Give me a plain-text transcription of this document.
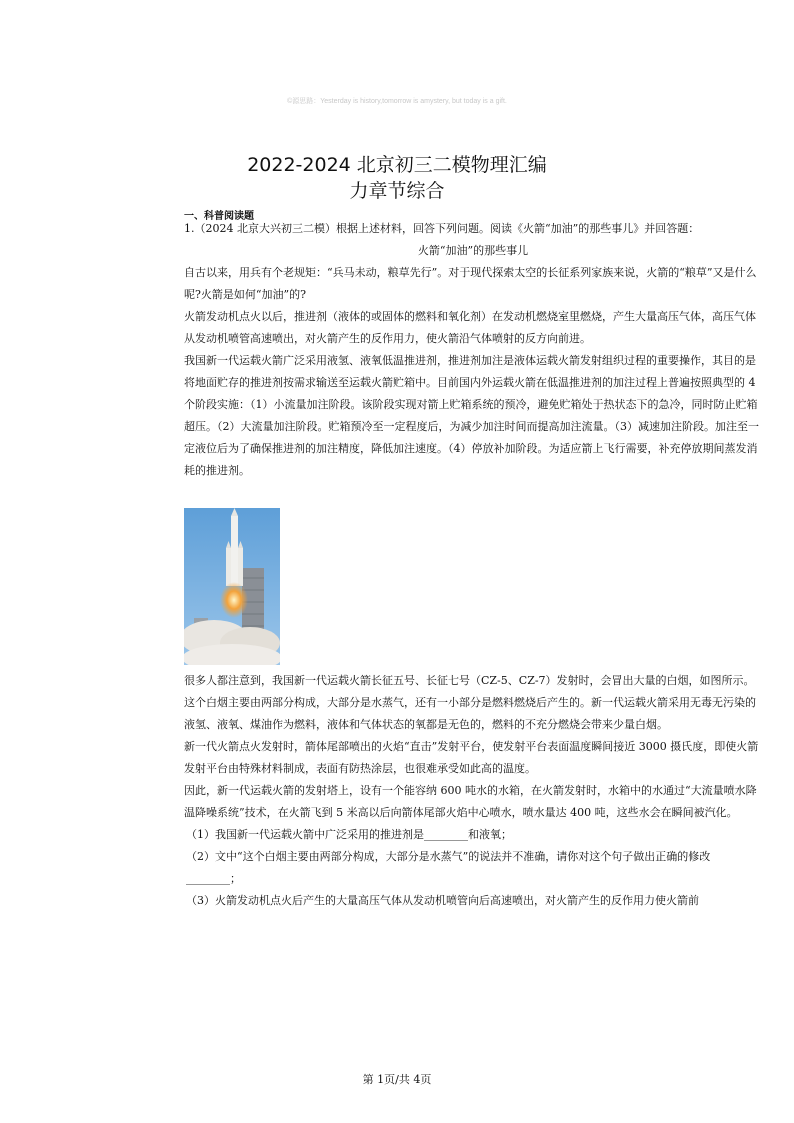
©源思路：Yesterday is history,tomorrow is amystery, but today is a gift.
2022-2024 北京初三二模物理汇编
力章节综合
一、科普阅读题

1.（2024 北京大兴初三二模）根据上述材料，回答下列问题。阅读《火箭“加油”的那些事儿》并回答题：

火箭“加油”的那些事儿

自古以来，用兵有个老规矩：“兵马未动，粮草先行”。对于现代探索太空的长征系列家族来说，火箭的“粮草”又是什么呢?火箭是如何“加油”的?

火箭发动机点火以后，推进剂（液体的或固体的燃料和氧化剂）在发动机燃烧室里燃烧，产生大量高压气体，高压气体从发动机喷管高速喷出，对火箭产生的反作用力，使火箭沿气体喷射的反方向前进。

我国新一代运载火箭广泛采用液氢、液氧低温推进剂，推进剂加注是液体运载火箭发射组织过程的重要操作，其目的是将地面贮存的推进剂按需求输送至运载火箭贮箱中。目前国内外运载火箭在低温推进剂的加注过程上普遍按照典型的 4 个阶段实施：（1）小流量加注阶段。该阶段实现对箭上贮箱系统的预冷，避免贮箱处于热状态下的急冷，同时防止贮箱超压。（2）大流量加注阶段。贮箱预冷至一定程度后，为减少加注时间而提高加注流量。（3）减速加注阶段。加注至一定液位后为了确保推进剂的加注精度，降低加注速度。（4）停放补加阶段。为适应箭上飞行需要，补充停放期间蒸发消耗的推进剂。

很多人都注意到，我国新一代运载火箭长征五号、长征七号（CZ-5、CZ-7）发射时，会冒出大量的白烟，如图所示。这个白烟主要由两部分构成，大部分是水蒸气，还有一小部分是燃料燃烧后产生的。新一代运载火箭采用无毒无污染的液氢、液氧、煤油作为燃料，液体和气体状态的氧都是无色的，燃料的不充分燃烧会带来少量白烟。

新一代火箭点火发射时，箭体尾部喷出的火焰“直击”发射平台，使发射平台表面温度瞬间接近 3000 摄氏度，即使火箭发射平台由特殊材料制成，表面有防热涂层，也很难承受如此高的温度。

因此，新一代运载火箭的发射塔上，设有一个能容纳 600 吨水的水箱，在火箭发射时，水箱中的水通过“大流量喷水降温降噪系统”技术，在火箭飞到 5 米高以后向箭体尾部火焰中心喷水，喷水量达 400 吨，这些水会在瞬间被汽化。

（1）我国新一代运载火箭中广泛采用的推进剂是________和液氧；

（2）文中“这个白烟主要由两部分构成，大部分是水蒸气”的说法并不准确，请你对这个句子做出正确的修改________；

（3）火箭发动机点火后产生的大量高压气体从发动机喷管向后高速喷出，对火箭产生的反作用力使火箭前

第 1页/共 4页
